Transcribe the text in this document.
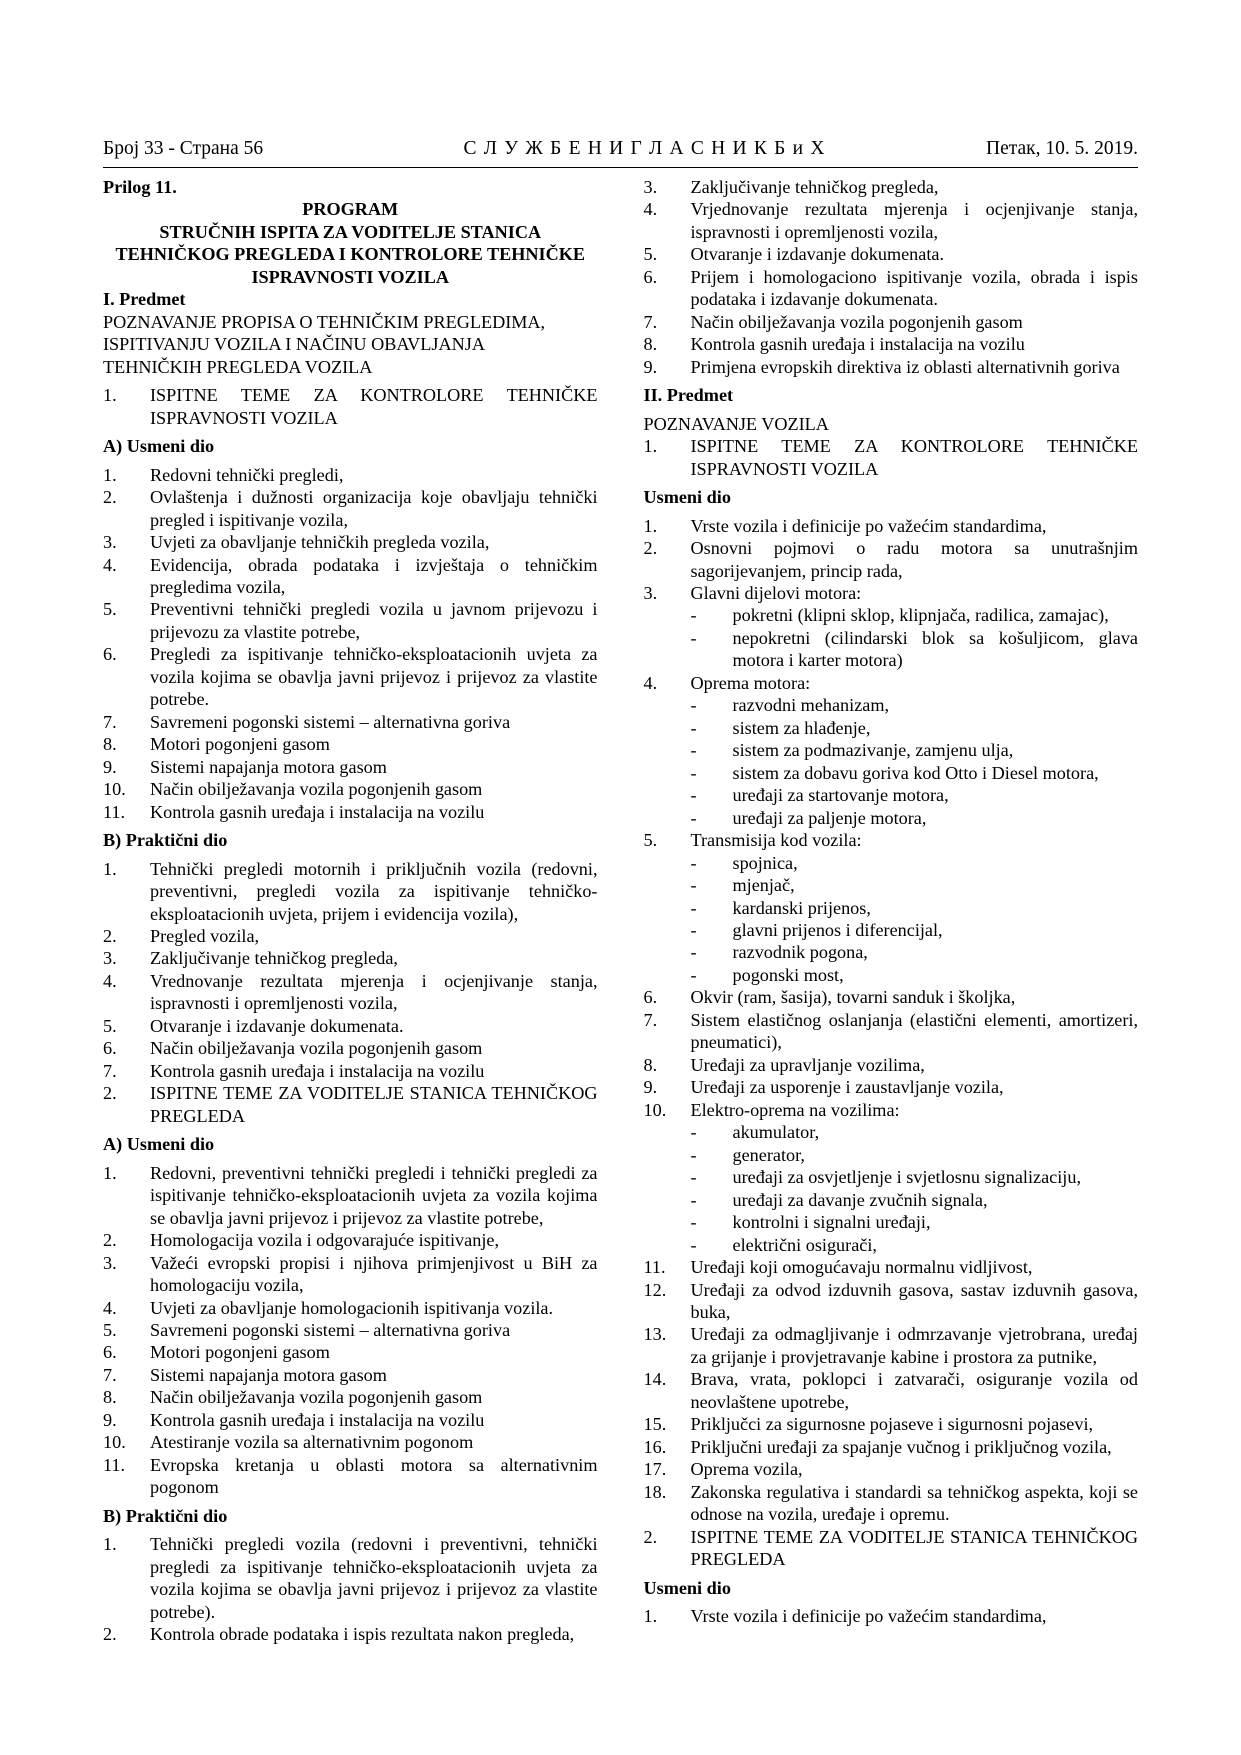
Број 33 - Страна 56	С Л У Ж Б Е Н И Г Л А С Н И К Б и Х	Петак, 10. 5. 2019.

Prilog 11.

PROGRAM

STRUČNIH ISPITA ZA VODITELJE STANICA

TEHNIČKOG PREGLEDA I KONTROLORE TEHNIČKE

ISPRAVNOSTI VOZILA

I. Predmet

POZNAVANJE PROPISA O TEHNIČKIM PREGLEDIMA,

ISPITIVANJU VOZILA I NAČINU OBAVLJANJA

TEHNIČKIH PREGLEDA VOZILA

1.	ISPITNE TEME ZA KONTROLORE TEHNIČKE ISPRAVNOSTI VOZILA

A) Usmeni dio

1.	Redovni tehnički pregledi,
2.	Ovlaštenja i dužnosti organizacija koje obavljaju tehnički pregled i ispitivanje vozila,
3.	Uvjeti za obavljanje tehničkih pregleda vozila,
4.	Evidencija, obrada podataka i izvještaja o tehničkim pregledima vozila,
5.	Preventivni tehnički pregledi vozila u javnom prijevozu i prijevozu za vlastite potrebe,
6.	Pregledi za ispitivanje tehničko-eksploatacionih uvjeta za vozila kojima se obavlja javni prijevoz i prijevoz za vlastite potrebe.
7.	Savremeni pogonski sistemi – alternativna goriva
8.	Motori pogonjeni gasom
9.	Sistemi napajanja motora gasom
10.	Način obilježavanja vozila pogonjenih gasom
11.	Kontrola gasnih uređaja i instalacija na vozilu

B) Praktični dio

1.	Tehnički pregledi motornih i priključnih vozila (redovni, preventivni, pregledi vozila za ispitivanje tehničko-eksploatacionih uvjeta, prijem i evidencija vozila),
2.	Pregled vozila,
3.	Zaključivanje tehničkog pregleda,
4.	Vrednovanje rezultata mjerenja i ocjenjivanje stanja, ispravnosti i opremljenosti vozila,
5.	Otvaranje i izdavanje dokumenata.
6.	Način obilježavanja vozila pogonjenih gasom
7.	Kontrola gasnih uređaja i instalacija na vozilu
2.	ISPITNE TEME ZA VODITELJE STANICA TEHNIČKOG PREGLEDA

A) Usmeni dio

1.	Redovni, preventivni tehnički pregledi i tehnički pregledi za ispitivanje tehničko-eksploatacionih uvjeta za vozila kojima se obavlja javni prijevoz i prijevoz za vlastite potrebe,
2.	Homologacija vozila i odgovarajuće ispitivanje,
3.	Važeći evropski propisi i njihova primjenjivost u BiH za homologaciju vozila,
4.	Uvjeti za obavljanje homologacionih ispitivanja vozila.
5.	Savremeni pogonski sistemi – alternativna goriva
6.	Motori pogonjeni gasom
7.	Sistemi napajanja motora gasom
8.	Način obilježavanja vozila pogonjenih gasom
9.	Kontrola gasnih uređaja i instalacija na vozilu
10.	Atestiranje vozila sa alternativnim pogonom
11.	Evropska kretanja u oblasti motora sa alternativnim pogonom

B) Praktični dio

1.	Tehnički pregledi vozila (redovni i preventivni, tehnički pregledi za ispitivanje tehničko-eksploatacionih uvjeta za vozila kojima se obavlja javni prijevoz i prijevoz za vlastite potrebe).
2.	Kontrola obrade podataka i ispis rezultata nakon pregleda,
3.	Zaključivanje tehničkog pregleda,
4.	Vrjednovanje rezultata mjerenja i ocjenjivanje stanja, ispravnosti i opremljenosti vozila,
5.	Otvaranje i izdavanje dokumenata.
6.	Prijem i homologaciono ispitivanje vozila, obrada i ispis podataka i izdavanje dokumenata.
7.	Način obilježavanja vozila pogonjenih gasom
8.	Kontrola gasnih uređaja i instalacija na vozilu
9.	Primjena evropskih direktiva iz oblasti alternativnih goriva

II. Predmet

POZNAVANJE VOZILA

1.	ISPITNE TEME ZA KONTROLORE TEHNIČKE ISPRAVNOSTI VOZILA

Usmeni dio

1.	Vrste vozila i definicije po važećim standardima,
2.	Osnovni pojmovi o radu motora sa unutrašnjim sagorijevanjem, princip rada,
3.	Glavni dijelovi motora:
-	pokretni (klipni sklop, klipnjača, radilica, zamajac),
-	nepokretni (cilindarski blok sa košuljicom, glava motora i karter motora)
4.	Oprema motora:
-	razvodni mehanizam,
-	sistem za hlađenje,
-	sistem za podmazivanje, zamjenu ulja,
-	sistem za dobavu goriva kod Otto i Diesel motora,
-	uređaji za startovanje motora,
-	uređaji za paljenje motora,
5.	Transmisija kod vozila:
-	spojnica,
-	mjenjač,
-	kardanski prijenos,
-	glavni prijenos i diferencijal,
-	razvodnik pogona,
-	pogonski most,
6.	Okvir (ram, šasija), tovarni sanduk i školjka,
7.	Sistem elastičnog oslanjanja (elastični elementi, amortizeri, pneumatici),
8.	Uređaji za upravljanje vozilima,
9.	Uređaji za usporenje i zaustavljanje vozila,
10.	Elektro-oprema na vozilima:
-	akumulator,
-	generator,
-	uređaji za osvjetljenje i svjetlosnu signalizaciju,
-	uređaji za davanje zvučnih signala,
-	kontrolni i signalni uređaji,
-	električni osigurači,
11.	Uređaji koji omogućavaju normalnu vidljivost,
12.	Uređaji za odvod izduvnih gasova, sastav izduvnih gasova, buka,
13.	Uređaji za odmagljivanje i odmrzavanje vjetrobrana, uređaj za grijanje i provjetravanje kabine i prostora za putnike,
14.	Brava, vrata, poklopci i zatvarači, osiguranje vozila od neovlaštene upotrebe,
15.	Priključci za sigurnosne pojaseve i sigurnosni pojasevi,
16.	Priključni uređaji za spajanje vučnog i priključnog vozila,
17.	Oprema vozila,
18.	Zakonska regulativa i standardi sa tehničkog aspekta, koji se odnose na vozila, uređaje i opremu.
2.	ISPITNE TEME ZA VODITELJE STANICA TEHNIČKOG PREGLEDA

Usmeni dio

1.	Vrste vozila i definicije po važećim standardima,
